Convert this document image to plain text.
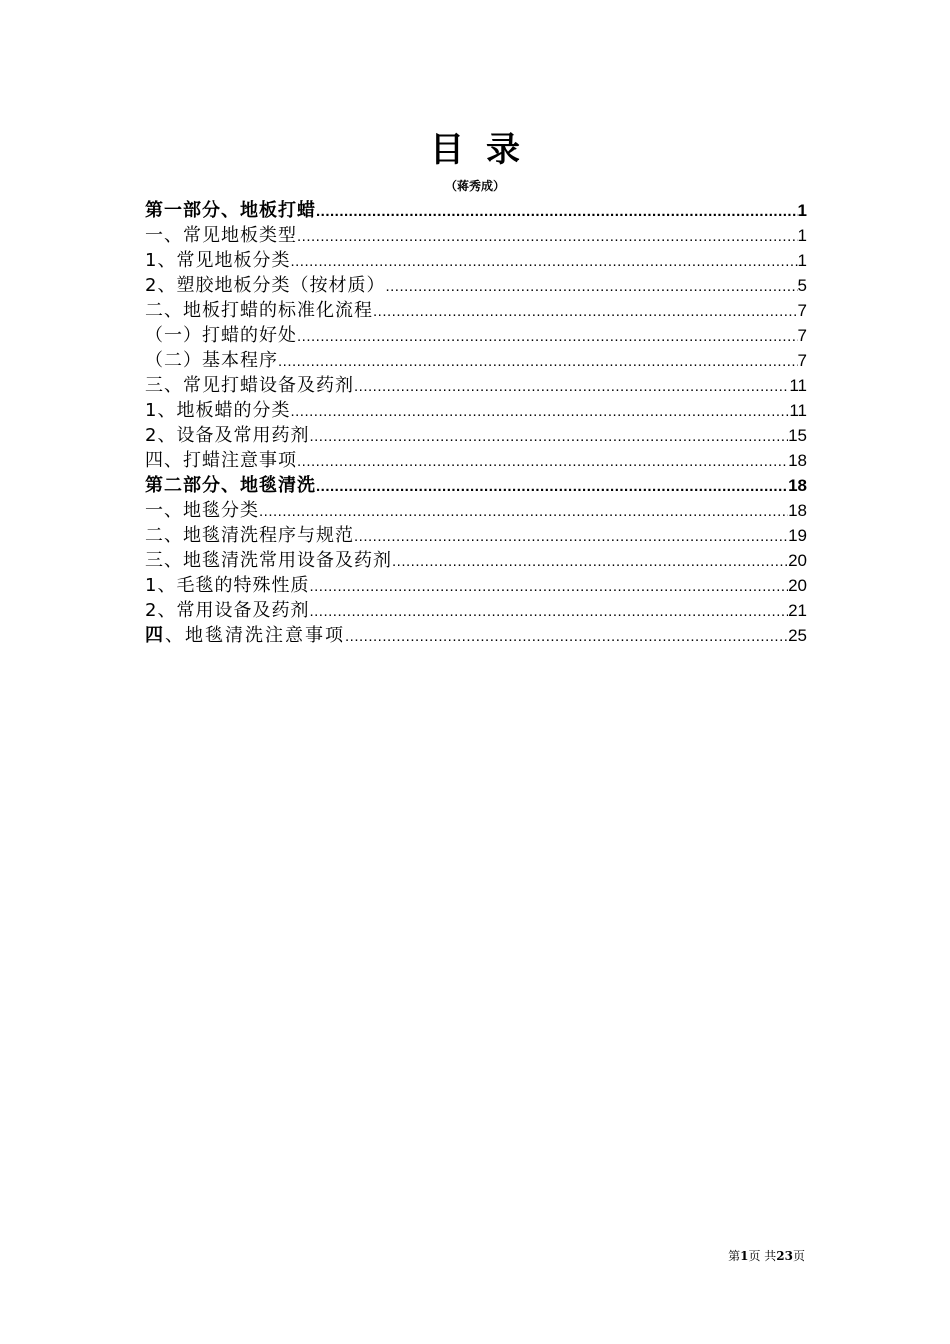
目录
（蒋秀成）
第一部分、地板打蜡 .....	1
一、常见地板类型 .....	1
1、常见地板分类 .....	1
2、塑胶地板分类（按材质） .....	5
二、地板打蜡的标准化流程 .....	7
（一）打蜡的好处 .....	7
（二）基本程序 .....	7
三、常见打蜡设备及药剂 .....	11
1、地板蜡的分类 .....	11
2、设备及常用药剂 .....	15
四、打蜡注意事项 .....	18
第二部分、地毯清洗 .....	18
一、地毯分类 .....	18
二、地毯清洗程序与规范 .....	19
三、地毯清洗常用设备及药剂 .....	20
1、毛毯的特殊性质 .....	20
2、常用设备及药剂 .....	21
四、地毯清洗注意事项 .....	25
第1页 共23页
